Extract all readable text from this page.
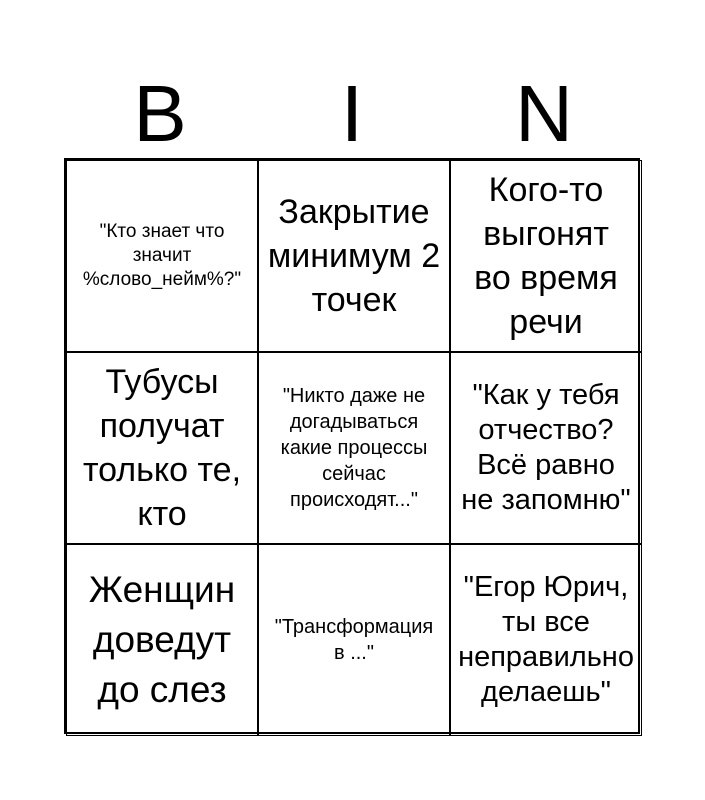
B	I	N
"Кто знает что значит %слово_нейм%?"
Закрытие минимум 2 точек
Кого-то выгонят во время речи
Тубусы получат только те, кто
"Никто даже не догадываться какие процессы сейчас происходят..."
"Как у тебя отчество? Всё равно не запомню"
Женщин доведут до слез
"Трансформация в ..."
"Егор Юрич, ты все неправильно делаешь"
